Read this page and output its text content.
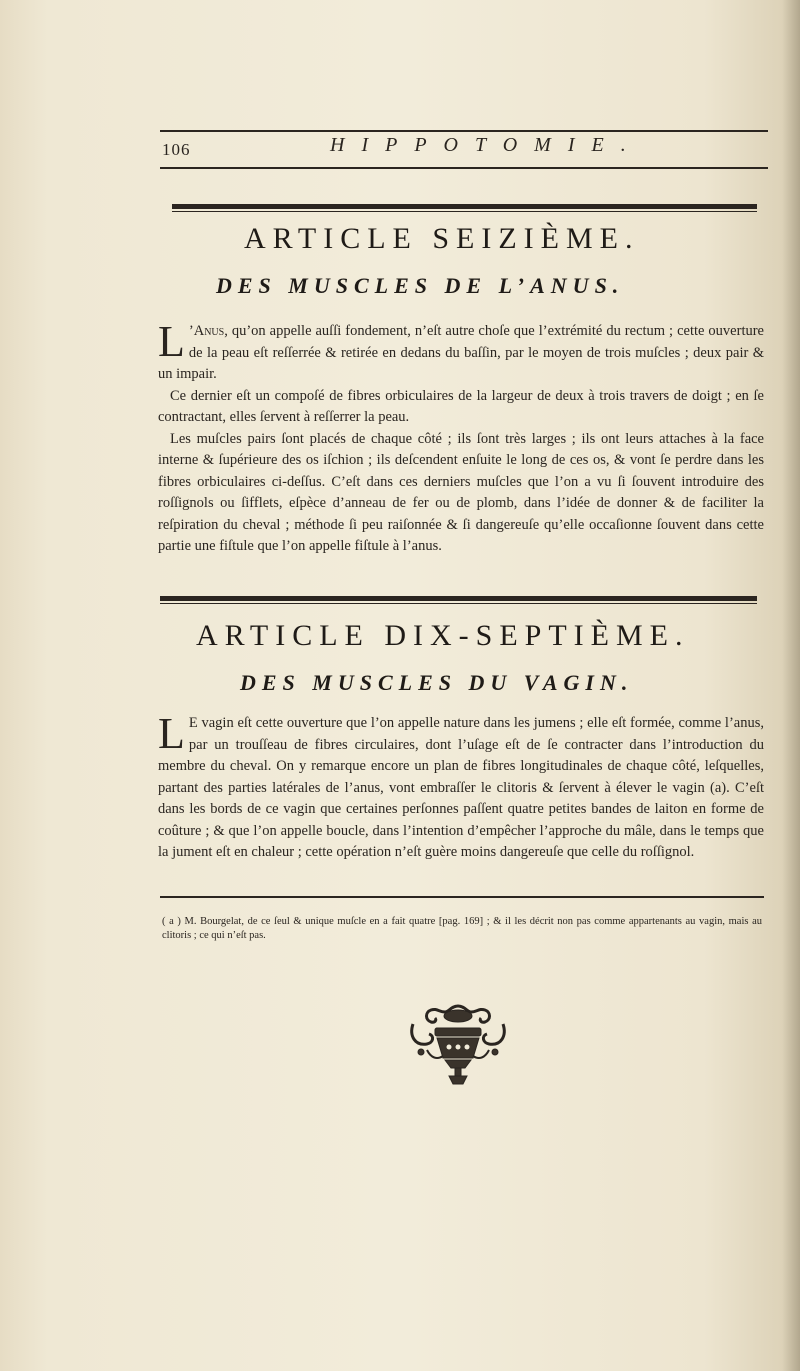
106	HIPPOTOMIE.
ARTICLE SEIZIÈME.
DES MUSCLES DE L’ANUS.

L ’Anus, qu’on appelle auſſi fondement, n’eſt autre choſe que l’extrémité du rectum ; cette ouverture de la peau eſt reſſerrée & retirée en dedans du baſſin, par le moyen de trois muſcles ; deux pair & un impair.

Ce dernier eſt un compoſé de fibres orbiculaires de la largeur de deux à trois travers de doigt ; en ſe contractant, elles ſervent à reſſerrer la peau.

Les muſcles pairs ſont placés de chaque côté ; ils ſont très larges ; ils ont leurs attaches à la face interne & ſupérieure des os iſchion ; ils deſcendent enſuite le long de ces os, & vont ſe perdre dans les fibres orbiculaires ci-deſſus. C’eſt dans ces derniers muſcles que l’on a vu ſi ſouvent introduire des roſſignols ou ſifflets, eſpèce d’anneau de fer ou de plomb, dans l’idée de donner & de faciliter la reſpiration du cheval ; méthode ſi peu raiſonnée & ſi dangereuſe qu’elle occaſionne ſouvent dans cette partie une fiſtule que l’on appelle fiſtule à l’anus.

ARTICLE DIX-SEPTIÈME.
DES MUSCLES DU VAGIN.

L E vagin eſt cette ouverture que l’on appelle nature dans les jumens ; elle eſt formée, comme l’anus, par un trouſſeau de fibres circulaires, dont l’uſage eſt de ſe contracter dans l’introduction du membre du cheval. On y remarque encore un plan de fibres longitudinales de chaque côté, leſquelles, partant des parties latérales de l’anus, vont embraſſer le clitoris & ſervent à élever le vagin (a). C’eſt dans les bords de ce vagin que certaines perſonnes paſſent quatre petites bandes de laiton en forme de coûture ; & que l’on appelle boucle, dans l’intention d’empêcher l’approche du mâle, dans le temps que la jument eſt en chaleur ; cette opération n’eſt guère moins dangereuſe que celle du roſſignol.

( a ) M. Bourgelat, de ce ſeul & unique muſcle en a fait quatre [pag. 169] ; & il les décrit non pas comme appartenants au vagin, mais au clitoris ; ce qui n’eſt pas.
